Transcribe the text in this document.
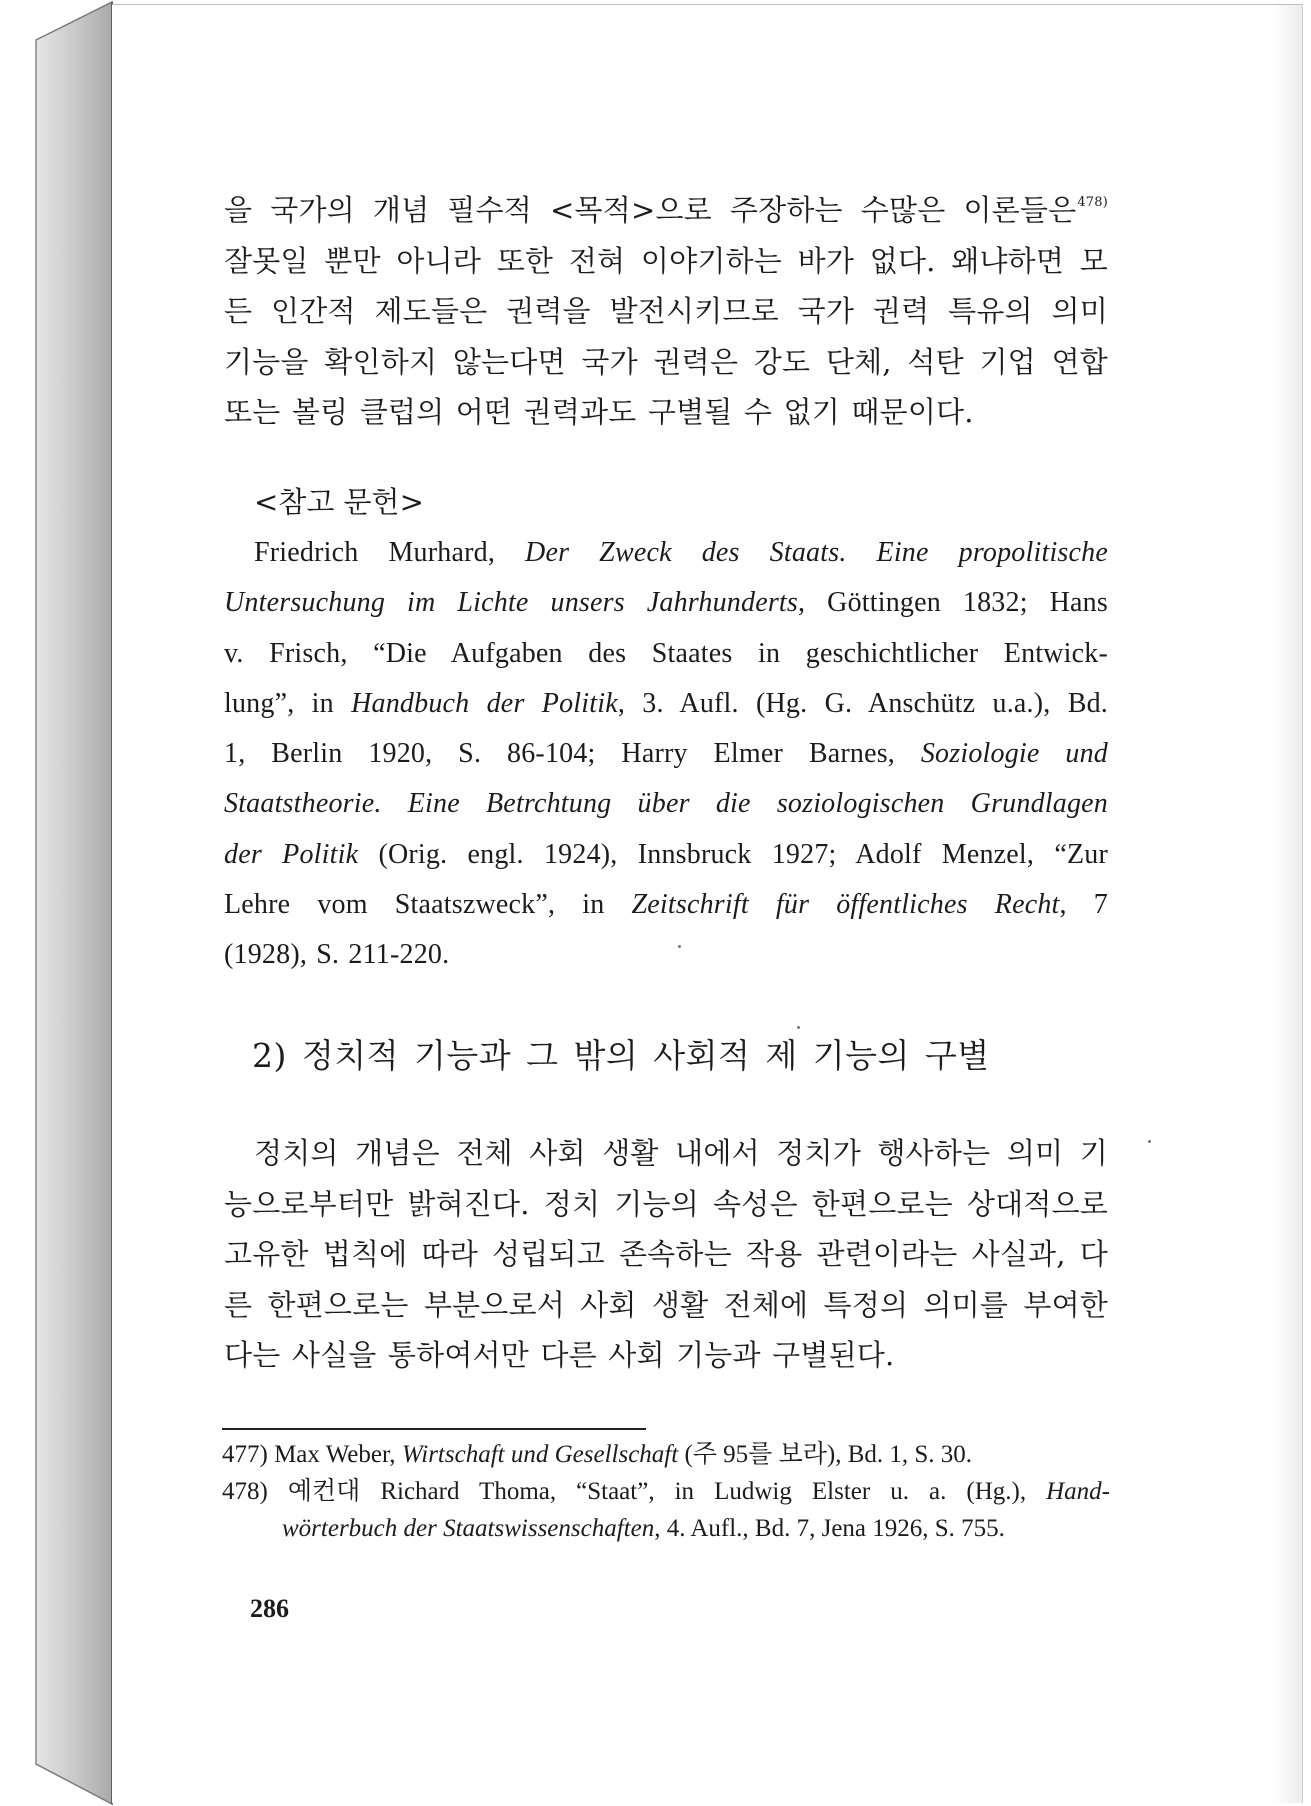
을 국가의 개념 필수적 <목적>으로 주장하는 수많은 이론들은$^{478)}$
잘못일 뿐만 아니라 또한 전혀 이야기하는 바가 없다. 왜냐하면 모
든 인간적 제도들은 권력을 발전시키므로 국가 권력 특유의 의미
기능을 확인하지 않는다면 국가 권력은 강도 단체, 석탄 기업 연합
또는 볼링 클럽의 어떤 권력과도 구별될 수 없기 때문이다.
<참고 문헌>
Friedrich Murhard, Der Zweck des Staats. Eine propolitische
Untersuchung im Lichte unsers Jahrhunderts, Göttingen 1832; Hans
v. Frisch, “Die Aufgaben des Staates in geschichtlicher Entwick-
lung”, in Handbuch der Politik, 3. Aufl. (Hg. G. Anschütz u.a.), Bd.
1, Berlin 1920, S. 86-104; Harry Elmer Barnes, Soziologie und
Staatstheorie. Eine Betrchtung über die soziologischen Grundlagen
der Politik (Orig. engl. 1924), Innsbruck 1927; Adolf Menzel, “Zur
Lehre vom Staatszweck”, in Zeitschrift für öffentliches Recht, 7
(1928), S. 211-220.
2) 정치적 기능과 그 밖의 사회적 제 기능의 구별
정치의 개념은 전체 사회 생활 내에서 정치가 행사하는 의미 기
능으로부터만 밝혀진다. 정치 기능의 속성은 한편으로는 상대적으로
고유한 법칙에 따라 성립되고 존속하는 작용 관련이라는 사실과, 다
른 한편으로는 부분으로서 사회 생활 전체에 특정의 의미를 부여한
다는 사실을 통하여서만 다른 사회 기능과 구별된다.
477) Max Weber, Wirtschaft und Gesellschaft (주 95를 보라), Bd. 1, S. 30.
478) 예컨대 Richard Thoma, “Staat”, in Ludwig Elster u. a. (Hg.), Hand-
wörterbuch der Staatswissenschaften, 4. Aufl., Bd. 7, Jena 1926, S. 755.
286
